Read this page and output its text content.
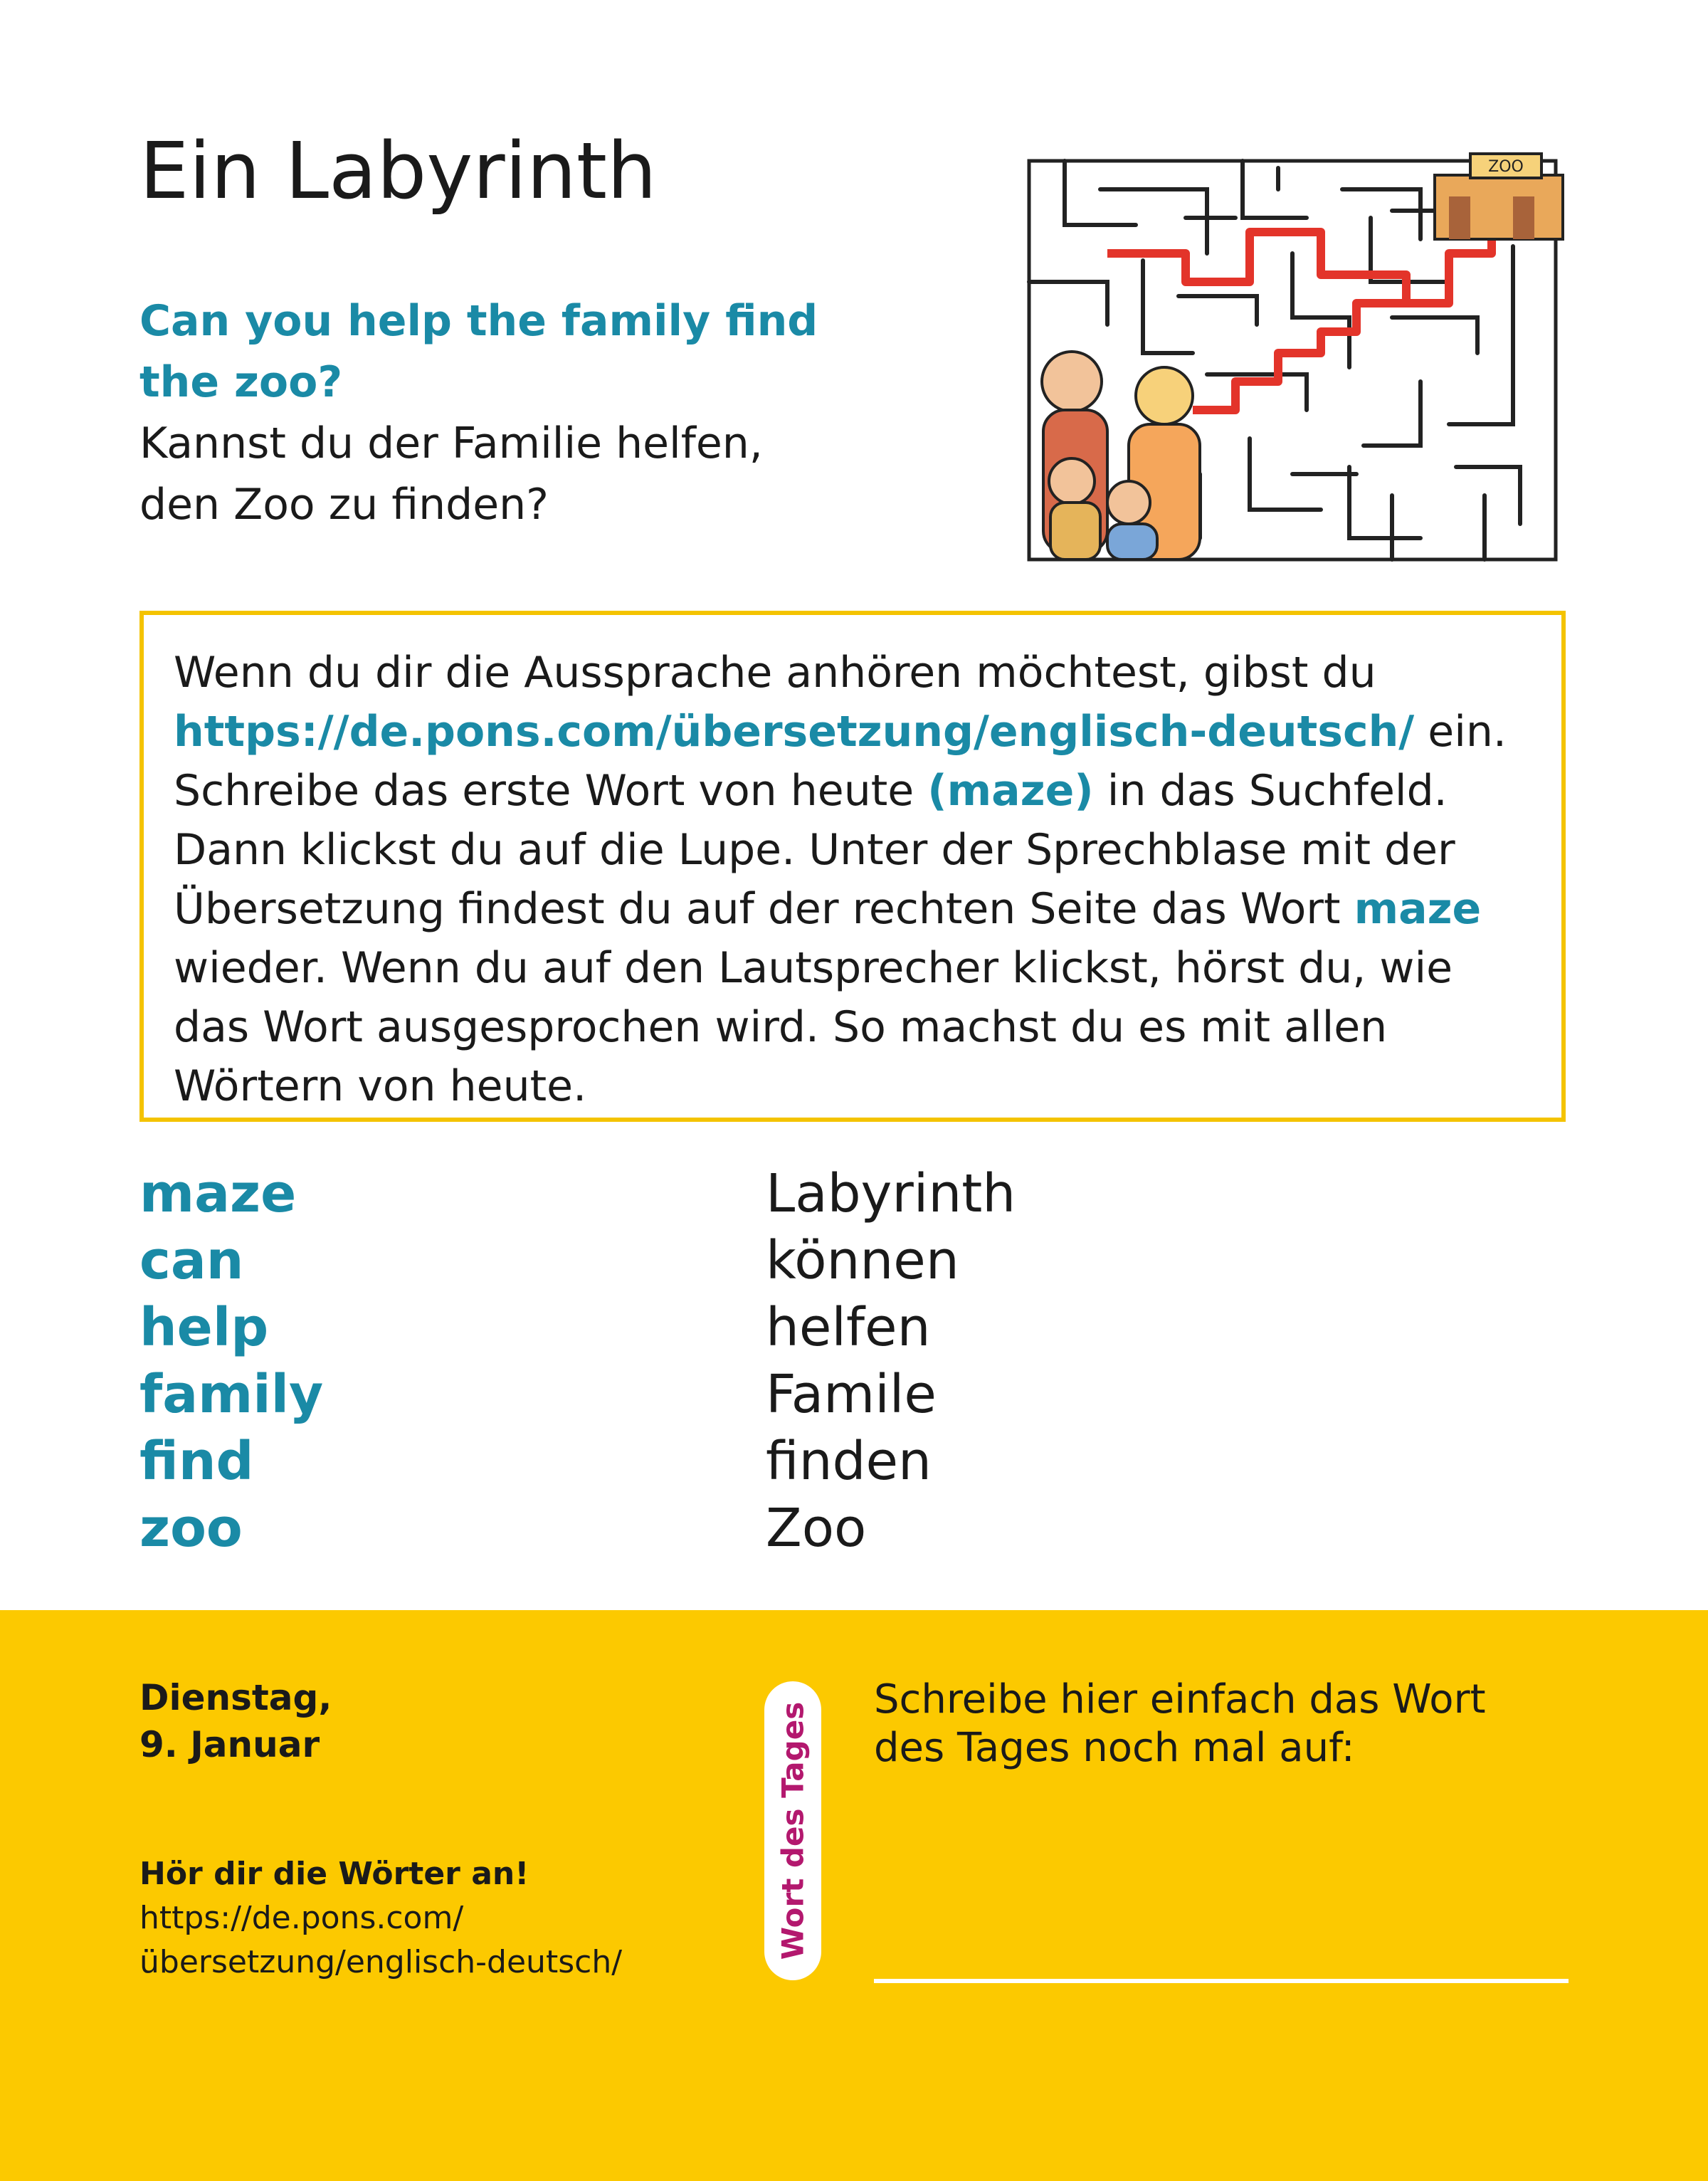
Ein Labyrinth
Can you help the family find
the zoo?
Kannst du der Familie helfen,
den Zoo zu finden?
ZOO
Wenn du dir die Aussprache anhören möchtest, gibst du
https://de.pons.com/übersetzung/englisch-deutsch/ ein.
Schreibe das erste Wort von heute (maze) in das Suchfeld.
Dann klickst du auf die Lupe. Unter der Sprechblase mit der
Übersetzung findest du auf der rechten Seite das Wort maze
wieder. Wenn du auf den Lautsprecher klickst, hörst du, wie
das Wort ausgesprochen wird. So machst du es mit allen
Wörtern von heute.
maze	Labyrinth
can	können
help	helfen
family	Famile
find	finden
zoo	Zoo
Dienstag,
9. Januar
Hör dir die Wörter an!
https://de.pons.com/
übersetzung/englisch-deutsch/
Wort des Tages
Schreibe hier einfach das Wort
des Tages noch mal auf:
